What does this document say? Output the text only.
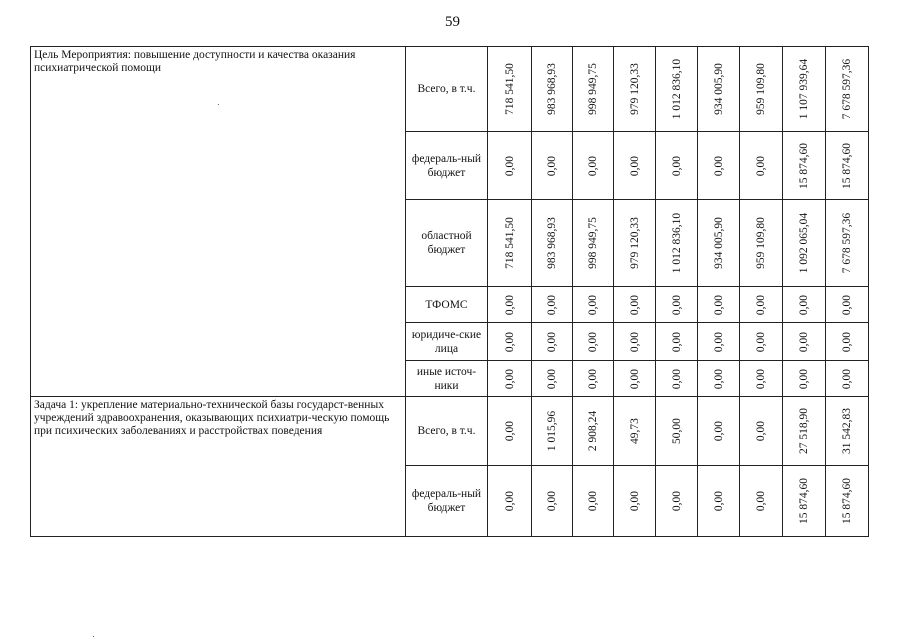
59
Цель Мероприятия: повышение доступности и качества оказания психиатрической помощи	Всего, в т.ч.	718 541,50	983 968,93	998 949,75	979 120,33	1 012 836,10	934 005,90	959 109,80	1 107 939,64	7 678 597,36

	федераль-ный бюджет	0,00	0,00	0,00	0,00	0,00	0,00	0,00	15 874,60	15 874,60

	областной бюджет	718 541,50	983 968,93	998 949,75	979 120,33	1 012 836,10	934 005,90	959 109,80	1 092 065,04	7 678 597,36

	ТФОМС	0,00	0,00	0,00	0,00	0,00	0,00	0,00	0,00	0,00

	юридиче-ские лица	0,00	0,00	0,00	0,00	0,00	0,00	0,00	0,00	0,00

	иные источ-ники	0,00	0,00	0,00	0,00	0,00	0,00	0,00	0,00	0,00

Задача 1: укрепление материально-технической базы государст-венных учреждений здравоохранения, оказывающих психиатри-ческую помощь при психических заболеваниях и расстройствах поведения	Всего, в т.ч.	0,00	1 015,96	2 908,24	49,73	50,00	0,00	0,00	27 518,90	31 542,83

	федераль-ный бюджет	0,00	0,00	0,00	0,00	0,00	0,00	0,00	15 874,60	15 874,60
